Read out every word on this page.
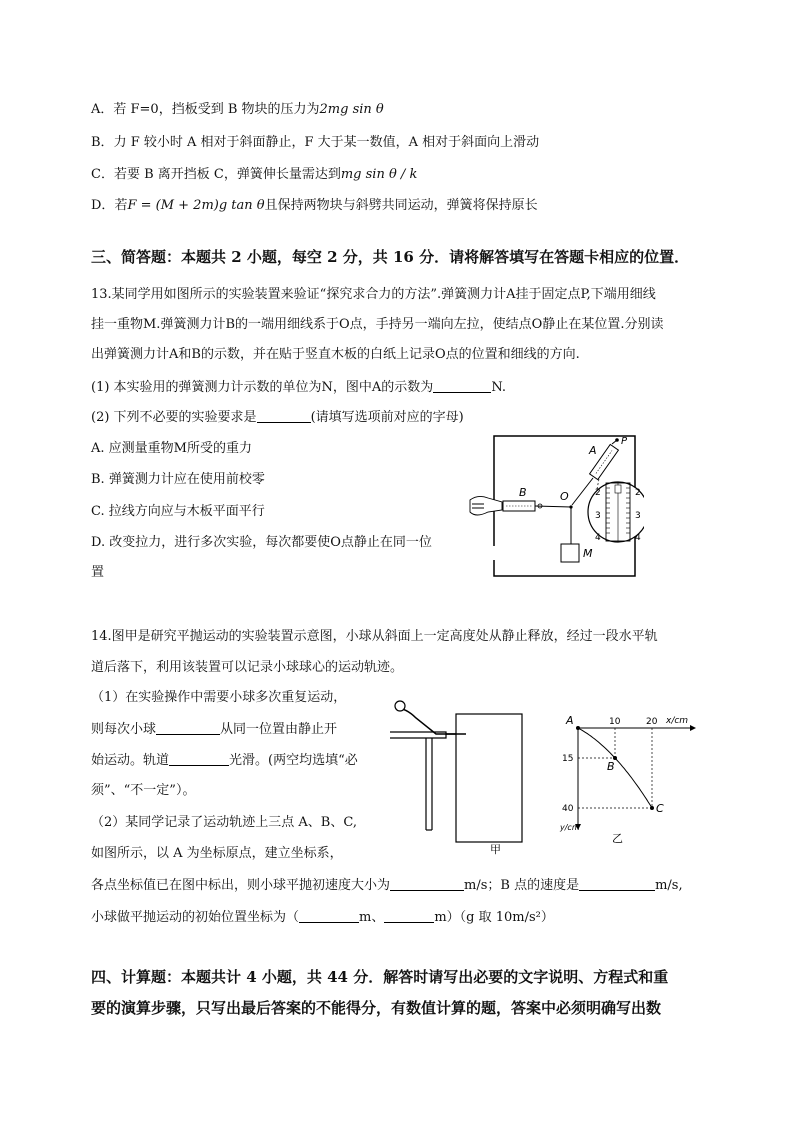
A．若 F=0，挡板受到 B 物块的压力为2mg sin θ
B．力 F 较小时 A 相对于斜面静止，F 大于某一数值，A 相对于斜面向上滑动
C．若要 B 离开挡板 C，弹簧伸长量需达到mg sin θ / k
D．若F = (M + 2m)g tan θ且保持两物块与斜劈共同运动，弹簧将保持原长
三、简答题：本题共 2 小题，每空 2 分，共 16 分．请将解答填写在答题卡相应的位置．
13.某同学用如图所示的实验装置来验证“探究求合力的方法”.弹簧测力计A挂于固定点P,下端用细线
挂一重物M.弹簧测力计B的一端用细线系于O点，手持另一端向左拉，使结点O静止在某位置.分别读
出弹簧测力计A和B的示数，并在贴于竖直木板的白纸上记录O点的位置和细线的方向.
(1) 本实验用的弹簧测力计示数的单位为N，图中A的示数为	N.
(2) 下列不必要的实验要求是	(请填写选项前对应的字母)
A. 应测量重物M所受的重力
B. 弹簧测力计应在使用前校零
C. 拉线方向应与木板平面平行
D. 改变拉力，进行多次实验，每次都要使O点静止在同一位
置
P
A
O
M
B	2
3
4
2
3
4
14.图甲是研究平抛运动的实验装置示意图，小球从斜面上一定高度处从静止释放，经过一段水平轨
道后落下，利用该装置可以记录小球球心的运动轨迹。
（1）在实验操作中需要小球多次重复运动，
则每次小球	从同一位置由静止开
始运动。轨道	光滑。(两空均选填“必
须”、“不一定”）。
（2）某同学记录了运动轨迹上三点 A、B、C,
如图所示，以 A 为坐标原点，建立坐标系，
各点坐标值已在图中标出，则小球平抛初速度大小为	m/s；B 点的速度是	m/s,
小球做平抛运动的初始位置坐标为（	m、	m）（g 取 10m/s²）
甲
x/cm
y/cm
10	20
15
40
A
B
C
乙
四、计算题：本题共计 4 小题，共 44 分．解答时请写出必要的文字说明、方程式和重
要的演算步骤，只写出最后答案的不能得分，有数值计算的题，答案中必须明确写出数
